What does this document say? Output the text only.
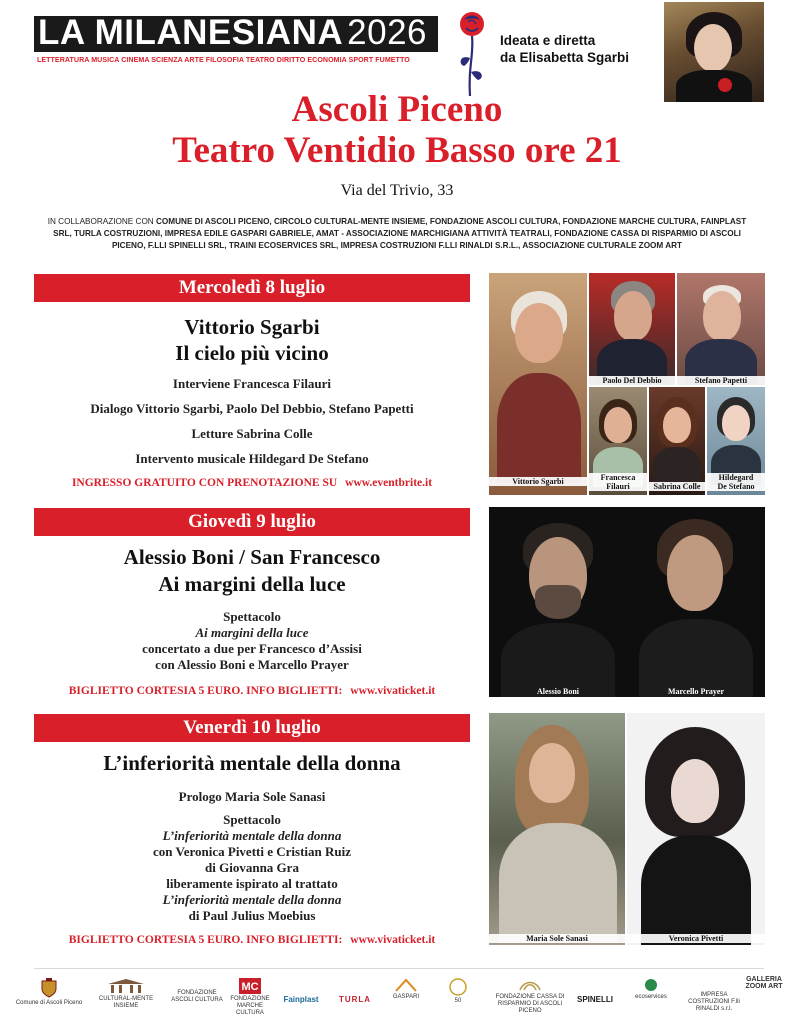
LA MILANESIANA 2026
LETTERATURA MUSICA CINEMA SCIENZA ARTE FILOSOFIA TEATRO DIRITTO ECONOMIA SPORT FUMETTO
Ideata e diretta
da Elisabetta Sgarbi
Ascoli Piceno
Teatro Ventidio Basso ore 21
Via del Trivio, 33
IN COLLABORAZIONE CON COMUNE DI ASCOLI PICENO, CIRCOLO CULTURAL-MENTE INSIEME, FONDAZIONE ASCOLI CULTURA, FONDAZIONE MARCHE CULTURA, FAINPLAST SRL, TURLA COSTRUZIONI, IMPRESA EDILE GASPARI GABRIELE, AMAT - ASSOCIAZIONE MARCHIGIANA ATTIVITÀ TEATRALI, FONDAZIONE CASSA DI RISPARMIO DI ASCOLI PICENO, F.LLI SPINELLI SRL, TRAINI ECOSERVICES SRL, IMPRESA COSTRUZIONI F.LLI RINALDI S.R.L., ASSOCIAZIONE CULTURALE ZOOM ART
Mercoledì 8 luglio
Vittorio Sgarbi
Il cielo più vicino
Interviene Francesca Filauri
Dialogo Vittorio Sgarbi, Paolo Del Debbio, Stefano Papetti
Letture Sabrina Colle
Intervento musicale Hildegard De Stefano
INGRESSO GRATUITO CON PRENOTAZIONE SU www.eventbrite.it	Vittorio Sgarbi
Paolo Del Debbio	Stefano Papetti
Francesca
Filauri	Sabrina Colle
Hildegard
De Stefano
Giovedì 9 luglio
Alessio Boni / San Francesco
Ai margini della luce
Spettacolo
Ai margini della luce
concertato a due per Francesco d’Assisi
con Alessio Boni e Marcello Prayer
BIGLIETTO CORTESIA 5 EURO. INFO BIGLIETTI: www.vivaticket.it	Alessio Boni	Marcello Prayer
Venerdì 10 luglio
L’inferiorità mentale della donna
Prologo Maria Sole Sanasi
Spettacolo
L’inferiorità mentale della donna
con Veronica Pivetti e Cristian Ruiz
di Giovanna Gra
liberamente ispirato al trattato
L’inferiorità mentale della donna
di Paul Julius Moebius
BIGLIETTO CORTESIA 5 EURO. INFO BIGLIETTI: www.vivaticket.it	Maria Sole Sanasi	Veronica Pivetti
Comune di Ascoli Piceno
CULTURAL-MENTE INSIEME
FONDAZIONE ASCOLI CULTURA
MC
FONDAZIONE MARCHE CULTURA
Fainplast	TURLA	GASPARI
50
FONDAZIONE CASSA DI RISPARMIO DI ASCOLI PICENO
SPINELLI	ecoservices	IMPRESA COSTRUZIONI F.lli RINALDI s.r.l.
GALLERIA ZOOM ART
